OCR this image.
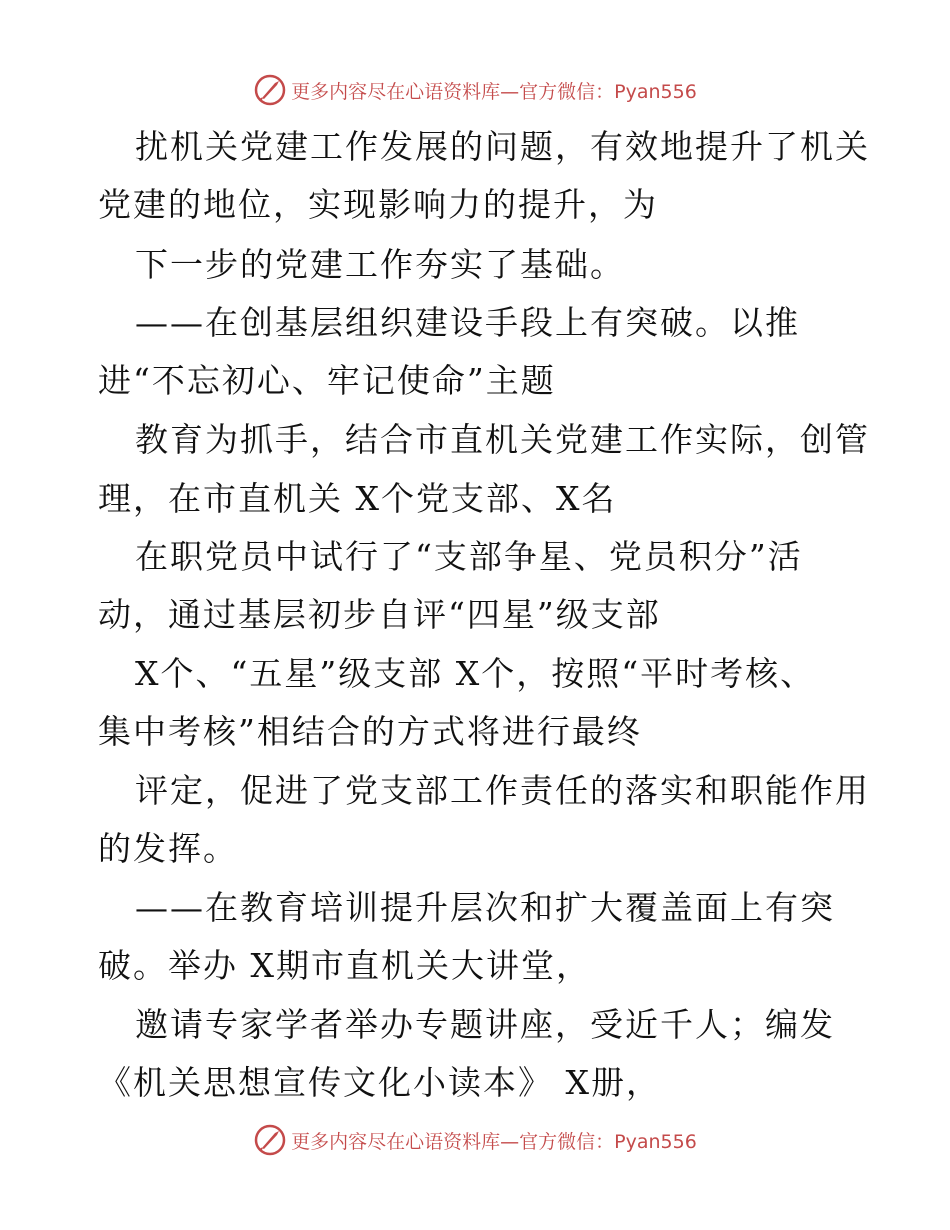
更多内容尽在心语资料库—官方微信：Pyan556
扰机关党建工作发展的问题，有效地提升了机关
党建的地位，实现影响力的提升，为
下一步的党建工作夯实了基础。
——在创基层组织建设手段上有突破。以推
进“不忘初心、牢记使命”主题
教育为抓手，结合市直机关党建工作实际，创管
理，在市直机关 X个党支部、X名
在职党员中试行了“支部争星、党员积分”活
动，通过基层初步自评“四星”级支部
X个、“五星”级支部 X个，按照“平时考核、
集中考核”相结合的方式将进行最终
评定，促进了党支部工作责任的落实和职能作用
的发挥。
——在教育培训提升层次和扩大覆盖面上有突
破。举办 X期市直机关大讲堂，
邀请专家学者举办专题讲座，受近千人；编发
《机关思想宣传文化小读本》 X册，
更多内容尽在心语资料库—官方微信：Pyan556
